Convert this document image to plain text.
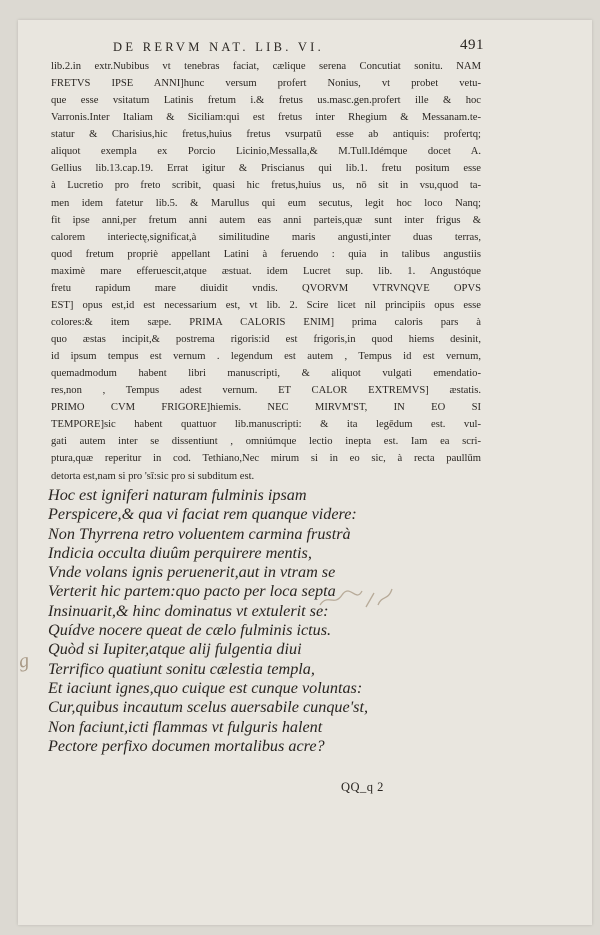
DE RERVM NAT. LIB. VI.	491
lib.2.in extr.Nubibus vt tenebras faciat, cælique serena Concutiat sonitu. NAM
FRETVS IPSE ANNI]hunc versum profert Nonius, vt probet vetu-
que esse vsitatum Latinis fretum i.& fretus us.masc.gen.profert ille & hoc
Varronis.Inter Italiam & Siciliam:qui est fretus inter Rhegium & Messanam.te-
statur & Charisius,hic fretus,huius fretus vsurpatū esse ab antiquis: profertq;
aliquot exempla ex Porcio Licinio,Messalla,& M.Tull.Idémque docet A.
Gellius lib.13.cap.19. Errat igitur & Priscianus qui lib.1. fretu positum esse
à Lucretio pro freto scribit, quasi hic fretus,huius us, nō sit in vsu,quod ta-
men idem fatetur lib.5. & Marullus qui eum secutus, legit hoc loco Nanq;
fit ipse anni,per fretum anni autem eas anni parteis,quæ sunt inter frigus &
calorem interiectę,significat,à similitudine maris angusti,inter duas terras,
quod fretum propriè appellant Latini à feruendo : quia in talibus angustiis
maximè mare efferuescit,atque æstuat. idem Lucret sup. lib. 1. Angustóque
fretu rapidum mare diuidit vndis. QVORVM VTRVNQVE OPVS
EST] opus est,id est necessarium est, vt lib. 2. Scire licet nil principiis opus esse
colores:& item sæpe. PRIMA CALORIS ENIM] prima caloris pars à
quo æstas incipit,& postrema rigoris:id est frigoris,in quod hiems desinit,
id ipsum tempus est vernum . legendum est autem , Tempus id est vernum,
quemadmodum habent libri manuscripti, & aliquot vulgati emendatio-
res,non , Tempus adest vernum. ET CALOR EXTREMVS] æstatis.
PRIMO CVM FRIGORE]hiemis. NEC MIRVM'ST, IN EO SI
TEMPORE]sic habent quattuor lib.manuscripti: & ita legēdum est. vul-
gati autem inter se dissentiunt , omniúmque lectio inepta est. Iam ea scri-
ptura,quæ reperitur in cod. Tethiano,Nec mirum si in eo sic, à recta paullūm
detorta est,nam si pro 'sī:sic pro si subditum est.
Hoc est igniferi naturam fulminis ipsam
Perspicere,& qua vi faciat rem quanque videre:
Non Thyrrena retro voluentem carmina frustrà
Indicia occulta diuûm perquirere mentis,
Vnde volans ignis peruenerit,aut in vtram se
Verterit hic partem:quo pacto per loca septa
Insinuarit,& hinc dominatus vt extulerit se:
Quídve nocere queat de cælo fulminis ictus.
Quòd si Iupiter,atque alij fulgentia diui
Terrifico quatiunt sonitu cælestia templa,
Et iaciunt ignes,quo cuique est cunque voluntas:
Cur,quibus incautum scelus auersabile cunque'st,
Non faciunt,icti flammas vt fulguris halent
Pectore perfixo documen mortalibus acre?
g
QQ_q 2
